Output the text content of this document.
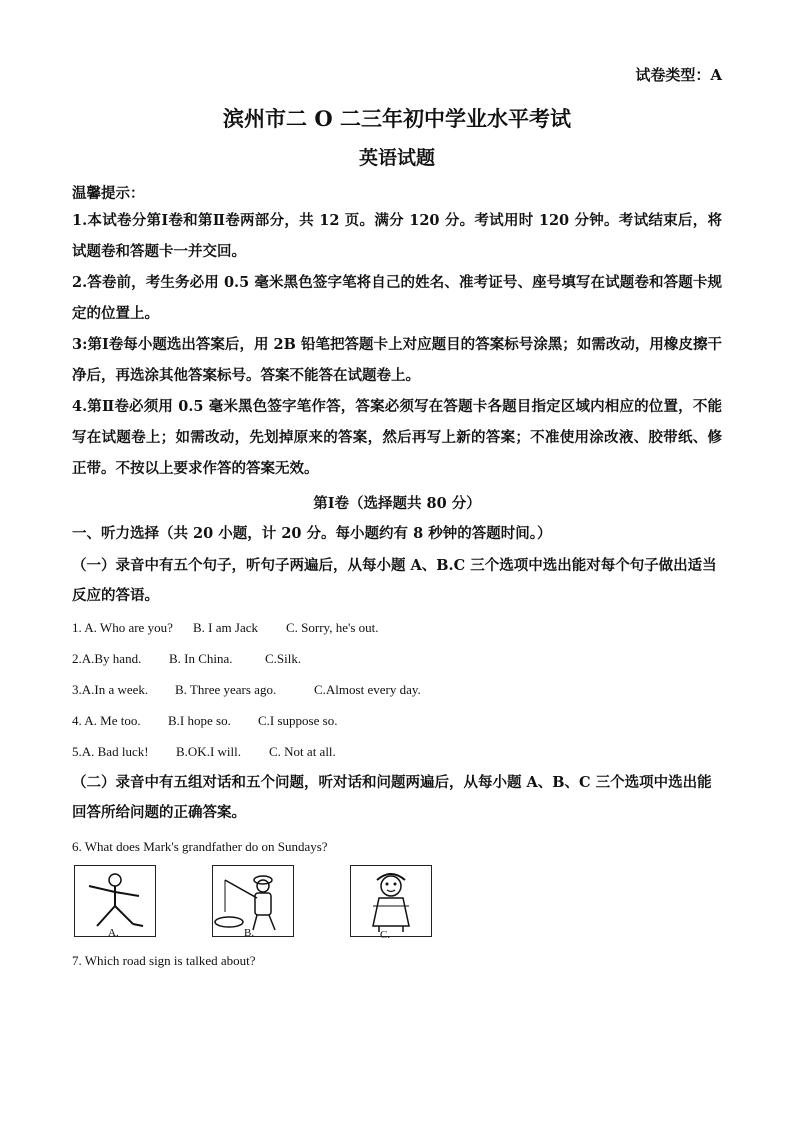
试卷类型：A
滨州市二 O 二三年初中学业水平考试
英语试题
温馨提示：
1.本试卷分第Ⅰ卷和第Ⅱ卷两部分，共 12 页。满分 120 分。考试用时 120 分钟。考试结束后，将试题卷和答题卡一并交回。
2.答卷前，考生务必用 0.5 毫米黑色签字笔将自己的姓名、准考证号、座号填写在试题卷和答题卡规定的位置上。
3:第Ⅰ卷每小题选出答案后，用 2B 铅笔把答题卡上对应题目的答案标号涂黑；如需改动，用橡皮擦干净后，再选涂其他答案标号。答案不能答在试题卷上。
4.第Ⅱ卷必须用 0.5 毫米黑色签字笔作答，答案必须写在答题卡各题目指定区域内相应的位置，不能写在试题卷上；如需改动，先划掉原来的答案，然后再写上新的答案；不准使用涂改液、胶带纸、修正带。不按以上要求作答的答案无效。
第Ⅰ卷（选择题共 80 分）
一、听力选择（共 20 小题，计 20 分。每小题约有 8 秒钟的答题时间。）
（一）录音中有五个句子，听句子两遍后，从每小题 A、B.C 三个选项中选出能对每个句子做出适当反应的答语。
1. A. Who are you? B. I am Jack C. Sorry, he's out.
2.A.By hand. B. In China. C.Silk.
3.A.In a week. B. Three years ago.	C.Almost every day.
4. A. Me too. B.I hope so. C.I suppose so.
5.A. Bad luck! B.OK.I will. C. Not at all.
（二）录音中有五组对话和五个问题，听对话和问题两遍后，从每小题 A、B、C 三个选项中选出能回答所给问题的正确答案。
6. What does Mark's grandfather do on Sundays?
A.	B.	C.
7. Which road sign is talked about?
